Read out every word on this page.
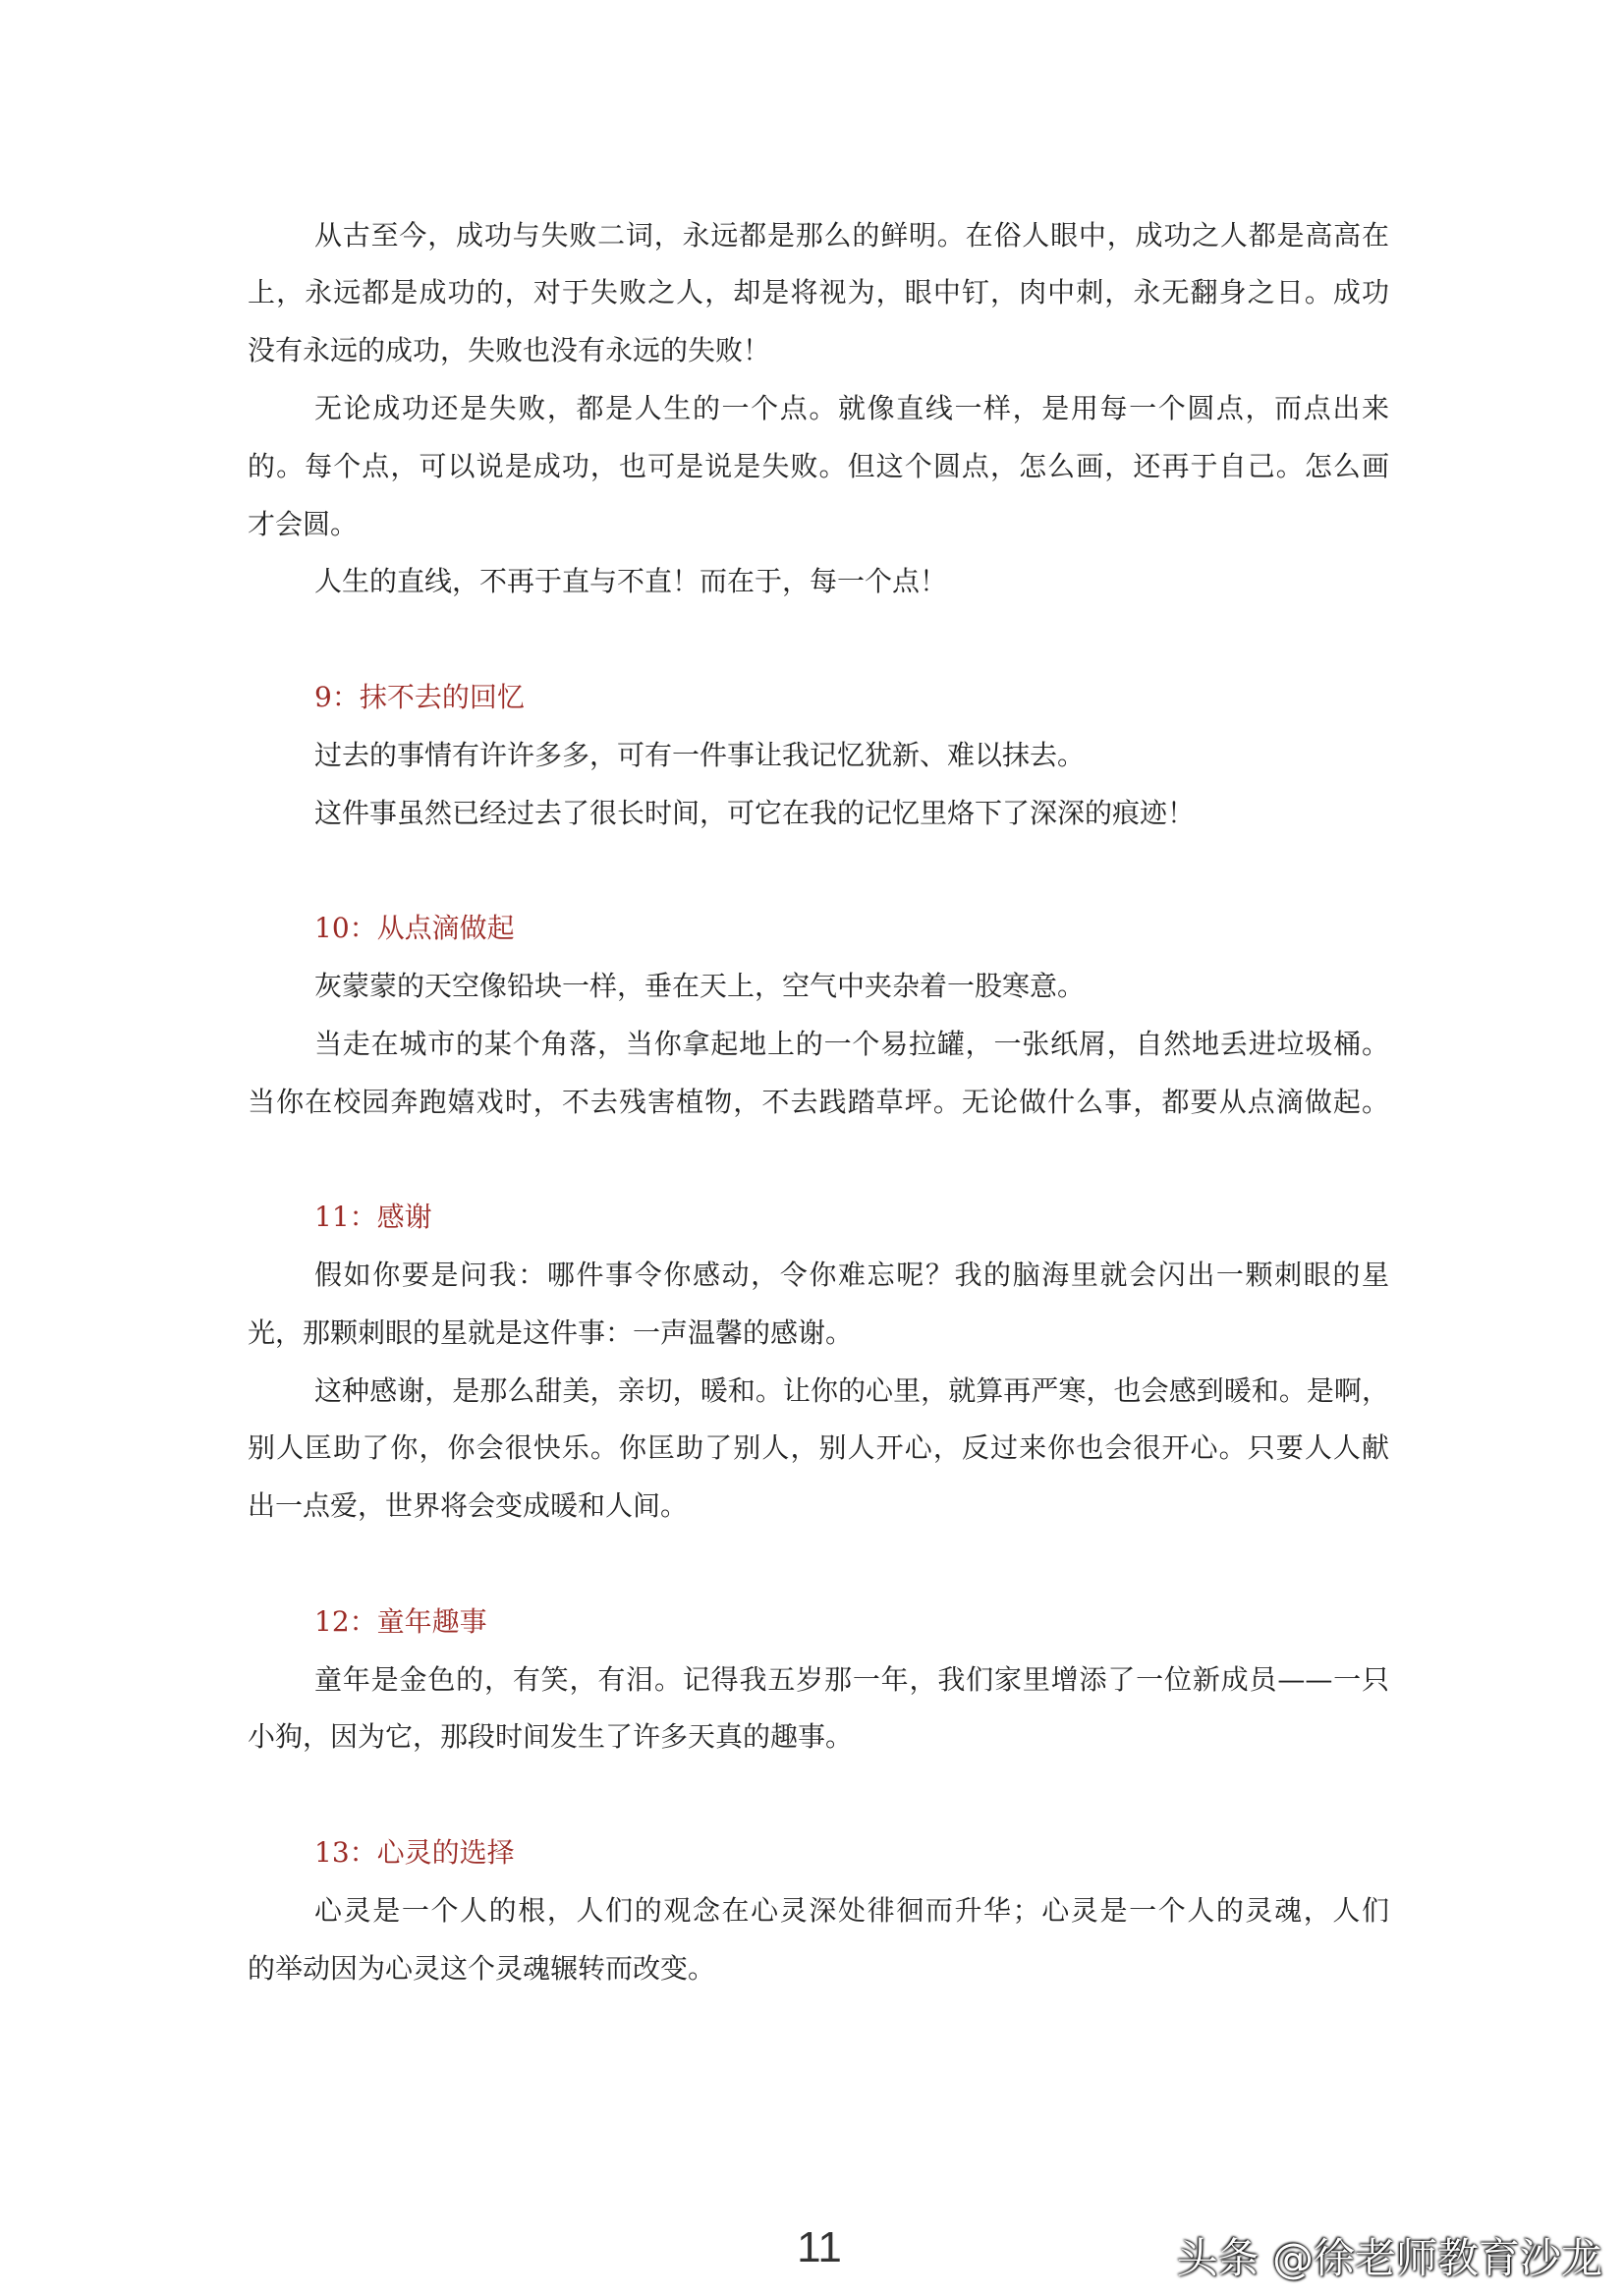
从古至今，成功与失败二词，永远都是那么的鲜明。在俗人眼中，成功之人都是高高在
上，永远都是成功的，对于失败之人，却是将视为，眼中钉，肉中刺，永无翻身之日。成功
没有永远的成功，失败也没有永远的失败！
无论成功还是失败，都是人生的一个点。就像直线一样，是用每一个圆点，而点出来
的。每个点，可以说是成功，也可是说是失败。但这个圆点，怎么画，还再于自己。怎么画
才会圆。
人生的直线，不再于直与不直！而在于，每一个点！
9：抹不去的回忆
过去的事情有许许多多，可有一件事让我记忆犹新、难以抹去。
这件事虽然已经过去了很长时间，可它在我的记忆里烙下了深深的痕迹！
10：从点滴做起
灰蒙蒙的天空像铅块一样，垂在天上，空气中夹杂着一股寒意。
当走在城市的某个角落，当你拿起地上的一个易拉罐，一张纸屑，自然地丢进垃圾桶。
当你在校园奔跑嬉戏时，不去残害植物，不去践踏草坪。无论做什么事，都要从点滴做起。
11：感谢
假如你要是问我：哪件事令你感动，令你难忘呢？我的脑海里就会闪出一颗刺眼的星
光，那颗刺眼的星就是这件事：一声温馨的感谢。
这种感谢，是那么甜美，亲切，暖和。让你的心里，就算再严寒，也会感到暖和。是啊，
别人匡助了你，你会很快乐。你匡助了别人，别人开心，反过来你也会很开心。只要人人献
出一点爱，世界将会变成暖和人间。
12：童年趣事
童年是金色的，有笑，有泪。记得我五岁那一年，我们家里增添了一位新成员——一只
小狗，因为它，那段时间发生了许多天真的趣事。
13：心灵的选择
心灵是一个人的根，人们的观念在心灵深处徘徊而升华；心灵是一个人的灵魂，人们
的举动因为心灵这个灵魂辗转而改变。
11	头条 @徐老师教育沙龙
